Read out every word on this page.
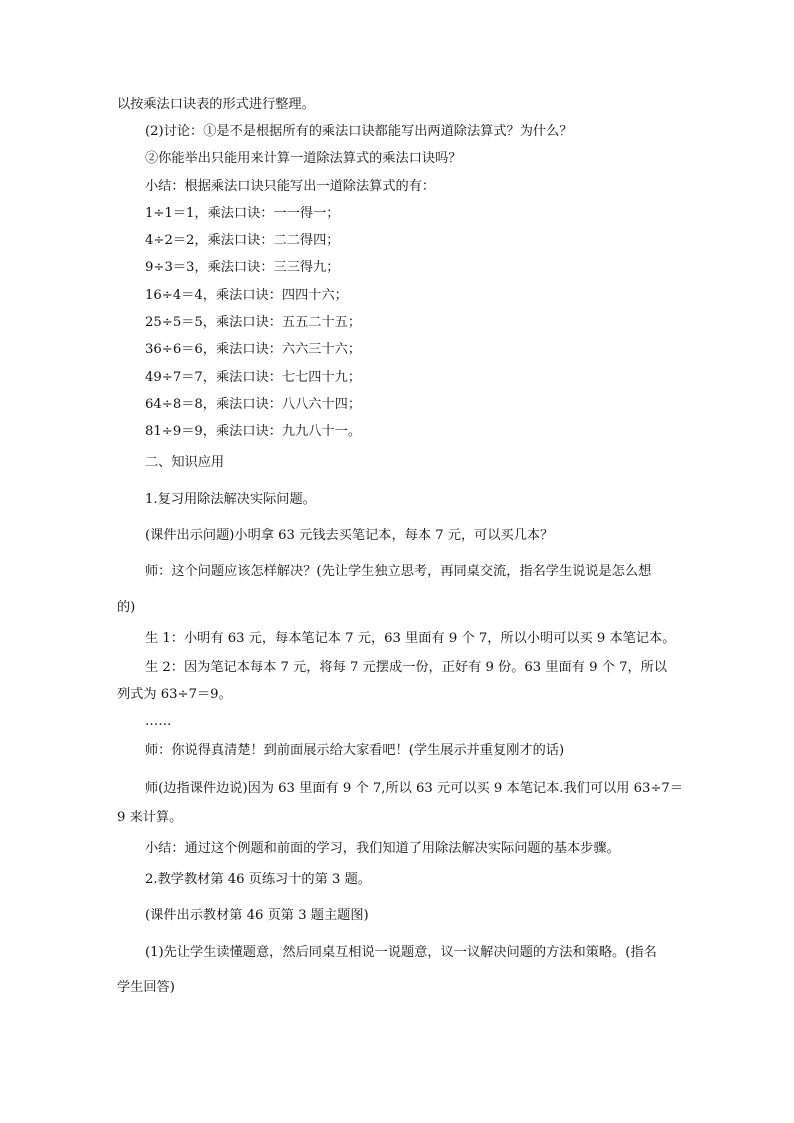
以按乘法口诀表的形式进行整理。
(2)讨论：①是不是根据所有的乘法口诀都能写出两道除法算式？为什么？
②你能举出只能用来计算一道除法算式的乘法口诀吗？
小结：根据乘法口诀只能写出一道除法算式的有：
1÷1＝1，乘法口诀：一一得一；
4÷2＝2，乘法口诀：二二得四；
9÷3＝3，乘法口诀：三三得九；
16÷4＝4，乘法口诀：四四十六；
25÷5＝5，乘法口诀：五五二十五；
36÷6＝6，乘法口诀：六六三十六；
49÷7＝7，乘法口诀：七七四十九；
64÷8＝8，乘法口诀：八八六十四；
81÷9＝9，乘法口诀：九九八十一。
二、知识应用
1.复习用除法解决实际问题。
(课件出示问题)小明拿 63 元钱去买笔记本，每本 7 元，可以买几本？
师：这个问题应该怎样解决？(先让学生独立思考，再同桌交流，指名学生说说是怎么想
的)
生 1：小明有 63 元，每本笔记本 7 元，63 里面有 9 个 7，所以小明可以买 9 本笔记本。
生 2：因为笔记本每本 7 元，将每 7 元摆成一份，正好有 9 份。63 里面有 9 个 7，所以
列式为 63÷7＝9。
……
师：你说得真清楚！到前面展示给大家看吧！(学生展示并重复刚才的话)
师(边指课件边说)因为 63 里面有 9 个 7,所以 63 元可以买 9 本笔记本.我们可以用 63÷7＝
9 来计算。
小结：通过这个例题和前面的学习，我们知道了用除法解决实际问题的基本步骤。
2.教学教材第 46 页练习十的第 3 题。
(课件出示教材第 46 页第 3 题主题图)
(1)先让学生读懂题意，然后同桌互相说一说题意，议一议解决问题的方法和策略。(指名
学生回答)
